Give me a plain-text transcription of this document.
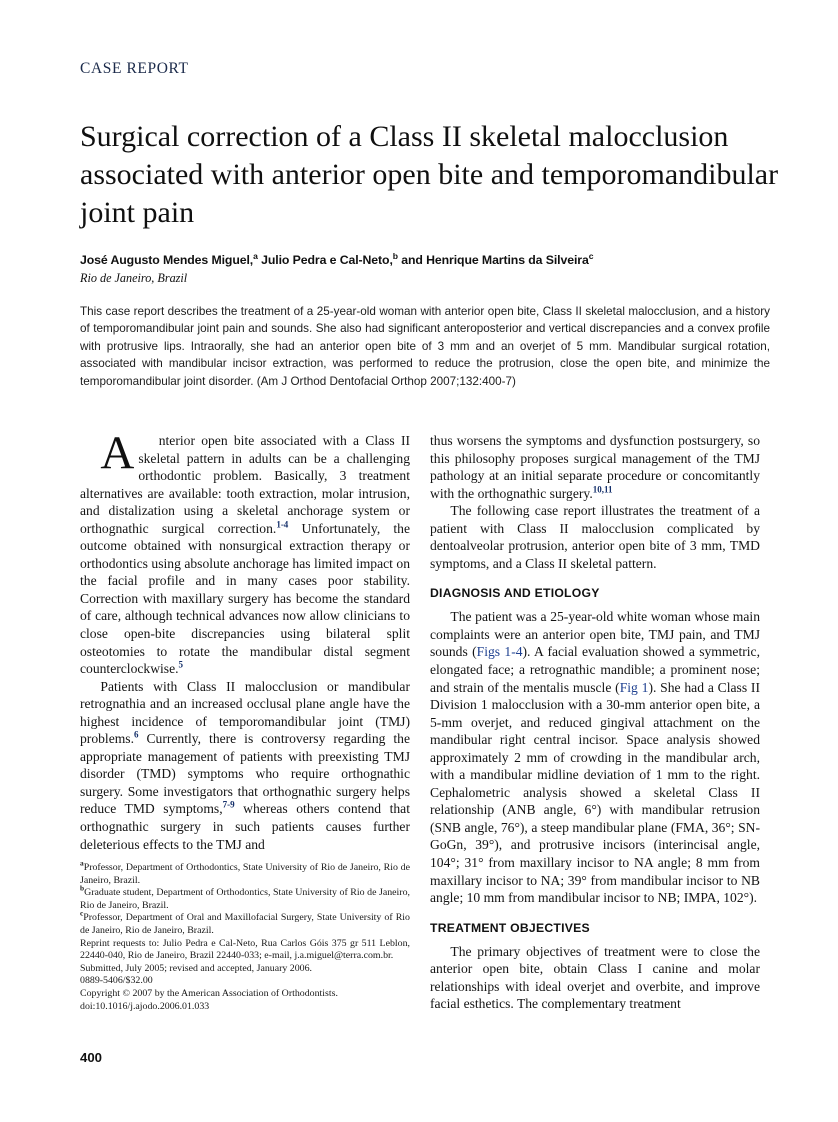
CASE REPORT
Surgical correction of a Class II skeletal malocclusion associated with anterior open bite and temporomandibular joint pain
José Augusto Mendes Miguel,$^a$ Julio Pedra e Cal-Neto,$^b$ and Henrique Martins da Silveira$^c$
Rio de Janeiro, Brazil
This case report describes the treatment of a 25-year-old woman with anterior open bite, Class II skeletal malocclusion, and a history of temporomandibular joint pain and sounds. She also had significant anteroposterior and vertical discrepancies and a convex profile with protrusive lips. Intraorally, she had an anterior open bite of 3 mm and an overjet of 5 mm. Mandibular surgical rotation, associated with mandibular incisor extraction, was performed to reduce the protrusion, close the open bite, and minimize the temporomandibular joint disorder. (Am J Orthod Dentofacial Orthop 2007;132:400-7)

A nterior open bite associated with a Class II skeletal pattern in adults can be a challenging orthodontic problem. Basically, 3 treatment alternatives are available: tooth extraction, molar intrusion, and distalization using a skeletal anchorage system or orthognathic surgical correction.$^{1-4}$ Unfortunately, the outcome obtained with nonsurgical extraction therapy or orthodontics using absolute anchorage has limited impact on the facial profile and in many cases poor stability. Correction with maxillary surgery has become the standard of care, although technical advances now allow clinicians to close open-bite discrepancies using bilateral split osteotomies to rotate the mandibular distal segment counterclockwise.$^5$

Patients with Class II malocclusion or mandibular retrognathia and an increased occlusal plane angle have the highest incidence of temporomandibular joint (TMJ) problems.$^6$ Currently, there is controversy regarding the appropriate management of patients with preexisting TMJ disorder (TMD) symptoms who require orthognathic surgery. Some investigators that orthognathic surgery helps reduce TMD symptoms,$^{7-9}$ whereas others contend that orthognathic surgery in such patients causes further deleterious effects to the TMJ and

thus worsens the symptoms and dysfunction postsurgery, so this philosophy proposes surgical management of the TMJ pathology at an initial separate procedure or concomitantly with the orthognathic surgery.$^{10,11}$

The following case report illustrates the treatment of a patient with Class II malocclusion complicated by dentoalveolar protrusion, anterior open bite of 3 mm, TMD symptoms, and a Class II skeletal pattern.

DIAGNOSIS AND ETIOLOGY

The patient was a 25-year-old white woman whose main complaints were an anterior open bite, TMJ pain, and TMJ sounds (Figs 1-4). A facial evaluation showed a symmetric, elongated face; a retrognathic mandible; a prominent nose; and strain of the mentalis muscle (Fig 1). She had a Class II Division 1 malocclusion with a 30-mm anterior open bite, a 5-mm overjet, and reduced gingival attachment on the mandibular right central incisor. Space analysis showed approximately 2 mm of crowding in the mandibular arch, with a mandibular midline deviation of 1 mm to the right. Cephalometric analysis showed a skeletal Class II relationship (ANB angle, 6°) with mandibular retrusion (SNB angle, 76°), a steep mandibular plane (FMA, 36°; SN-GoGn, 39°), and protrusive incisors (interincisal angle, 104°; 31° from maxillary incisor to NA angle; 8 mm from maxillary incisor to NA; 39° from mandibular incisor to NB angle; 10 mm from mandibular incisor to NB; IMPA, 102°).

TREATMENT OBJECTIVES

The primary objectives of treatment were to close the anterior open bite, obtain Class I canine and molar relationships with ideal overjet and overbite, and improve facial esthetics. The complementary treatment

$^a$Professor, Department of Orthodontics, State University of Rio de Janeiro, Rio de Janeiro, Brazil.

$^b$Graduate student, Department of Orthodontics, State University of Rio de Janeiro, Rio de Janeiro, Brazil.

$^c$Professor, Department of Oral and Maxillofacial Surgery, State University of Rio de Janeiro, Rio de Janeiro, Brazil.

Reprint requests to: Julio Pedra e Cal-Neto, Rua Carlos Góis 375 gr 511 Leblon, 22440-040, Rio de Janeiro, Brazil 22440-033; e-mail, j.a.miguel@terra.com.br.

Submitted, July 2005; revised and accepted, January 2006.

0889-5406/$32.00

Copyright © 2007 by the American Association of Orthodontists.

doi:10.1016/j.ajodo.2006.01.033

400
